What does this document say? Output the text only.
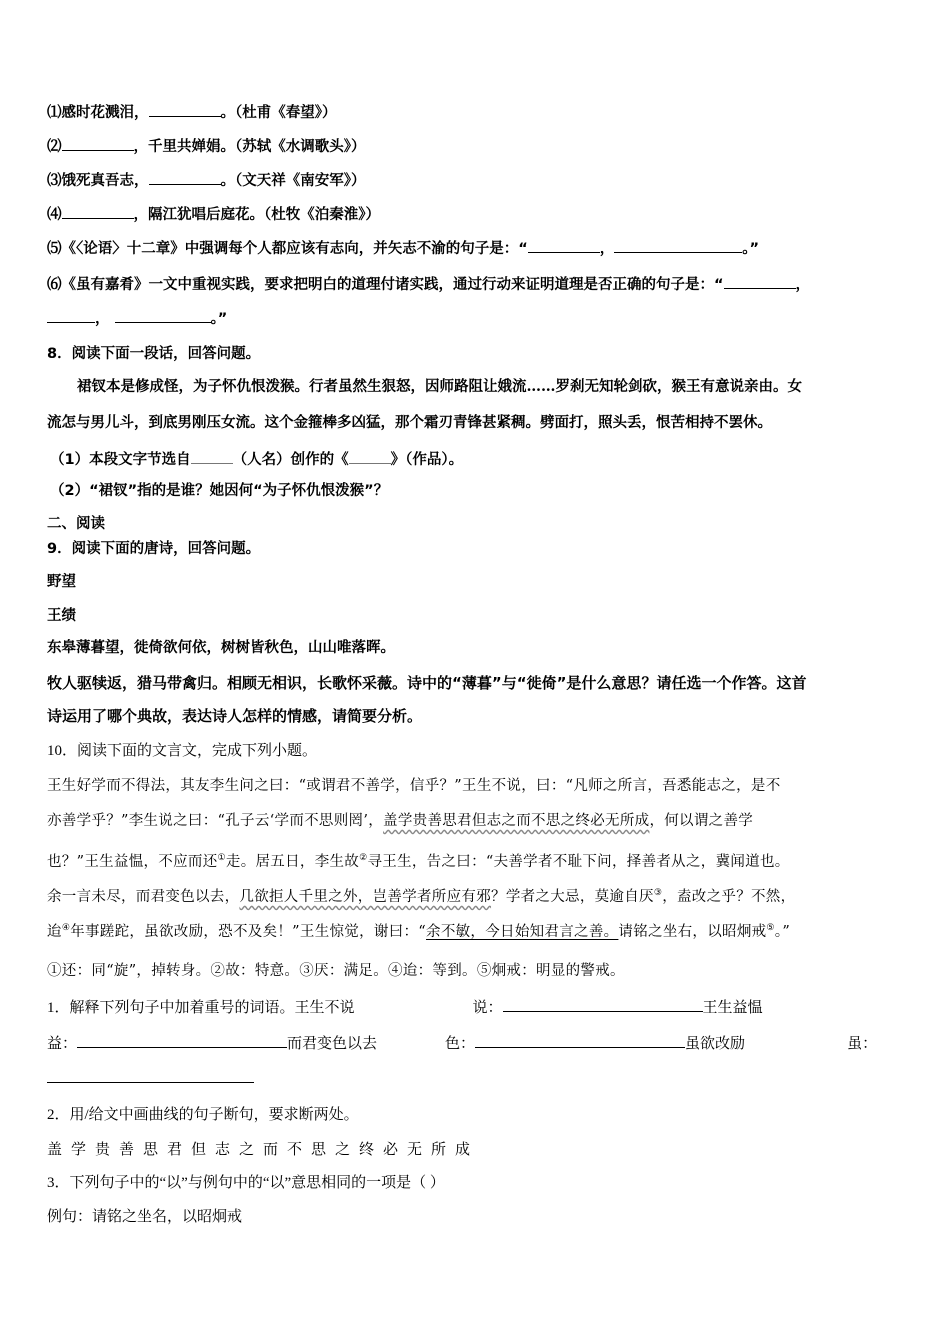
⑴感时花溅泪，	。（杜甫《春望》）
⑵	，千里共婵娟。（苏轼《水调歌头》）
⑶饿死真吾志，	。（文天祥《南安军》）
⑷	，隔江犹唱后庭花。（杜牧《泊秦淮》）
⑸《〈论语〉十二章》中强调每个人都应该有志向，并矢志不渝的句子是：“	，	。”
⑹《虽有嘉肴》一文中重视实践，要求把明白的道理付诸实践，通过行动来证明道理是否正确的句子是：“	，
，	。”
8．阅读下面一段话，回答问题。
裙钗本是修成怪，为子怀仇恨泼猴。行者虽然生狠怒，因师路阻让娥流……罗刹无知轮剑砍，猴王有意说亲由。女
流怎与男儿斗，到底男刚压女流。这个金箍棒多凶猛，那个霜刃青锋甚紧稠。劈面打，照头丢，恨苦相持不罢休。
（1）本段文字节选自	（人名）创作的《	》（作品）。
（2）“裙钗”指的是谁？她因何“为子怀仇恨泼猴”？
二、阅读
9．阅读下面的唐诗，回答问题。
野望
王绩
东皋薄暮望，徙倚欲何依，树树皆秋色，山山唯落晖。
牧人驱犊返，猎马带禽归。相顾无相识，长歌怀采薇。诗中的“薄暮”与“徙倚”是什么意思？请任选一个作答。这首
诗运用了哪个典故，表达诗人怎样的情感，请简要分析。
10．阅读下面的文言文，完成下列小题。
王生好学而不得法，其友李生问之曰：“或谓君不善学，信乎？”王生不说，曰：“凡师之所言，吾悉能志之，是不
亦善学乎？”李生说之曰：“孔子云‘学而不思则罔’，盖学贵善思君但志之而不思之终必无所成，何以谓之善学
也？”王生益愠，不应而还①走。居五日，李生故②寻王生，告之曰：“夫善学者不耻下问，择善者从之，冀闻道也。
余一言未尽，而君变色以去，几欲拒人千里之外，岂善学者所应有邪？学者之大忌，莫逾自厌③，盍改之乎？不然，
迨④年事蹉跎，虽欲改励，恐不及矣！”王生惊觉，谢曰：“余不敏，今日始知君言之善。请铭之坐右，以昭炯戒⑤。”
①还：同“旋”，掉转身。②故：特意。③厌：满足。④迨：等到。⑤炯戒：明显的警戒。
1．解释下列句子中加着重号的词语。王生不说	说：	王生益愠
益：	而君变色以去	色：	虽欲改励	虽：
2．用/给文中画曲线的句子断句，要求断两处。
盖学贵善思君但志之而不思之终必无所成
3．下列句子中的“以”与例句中的“以”意思相同的一项是（ ）
例句：请铭之坐名，以昭炯戒
